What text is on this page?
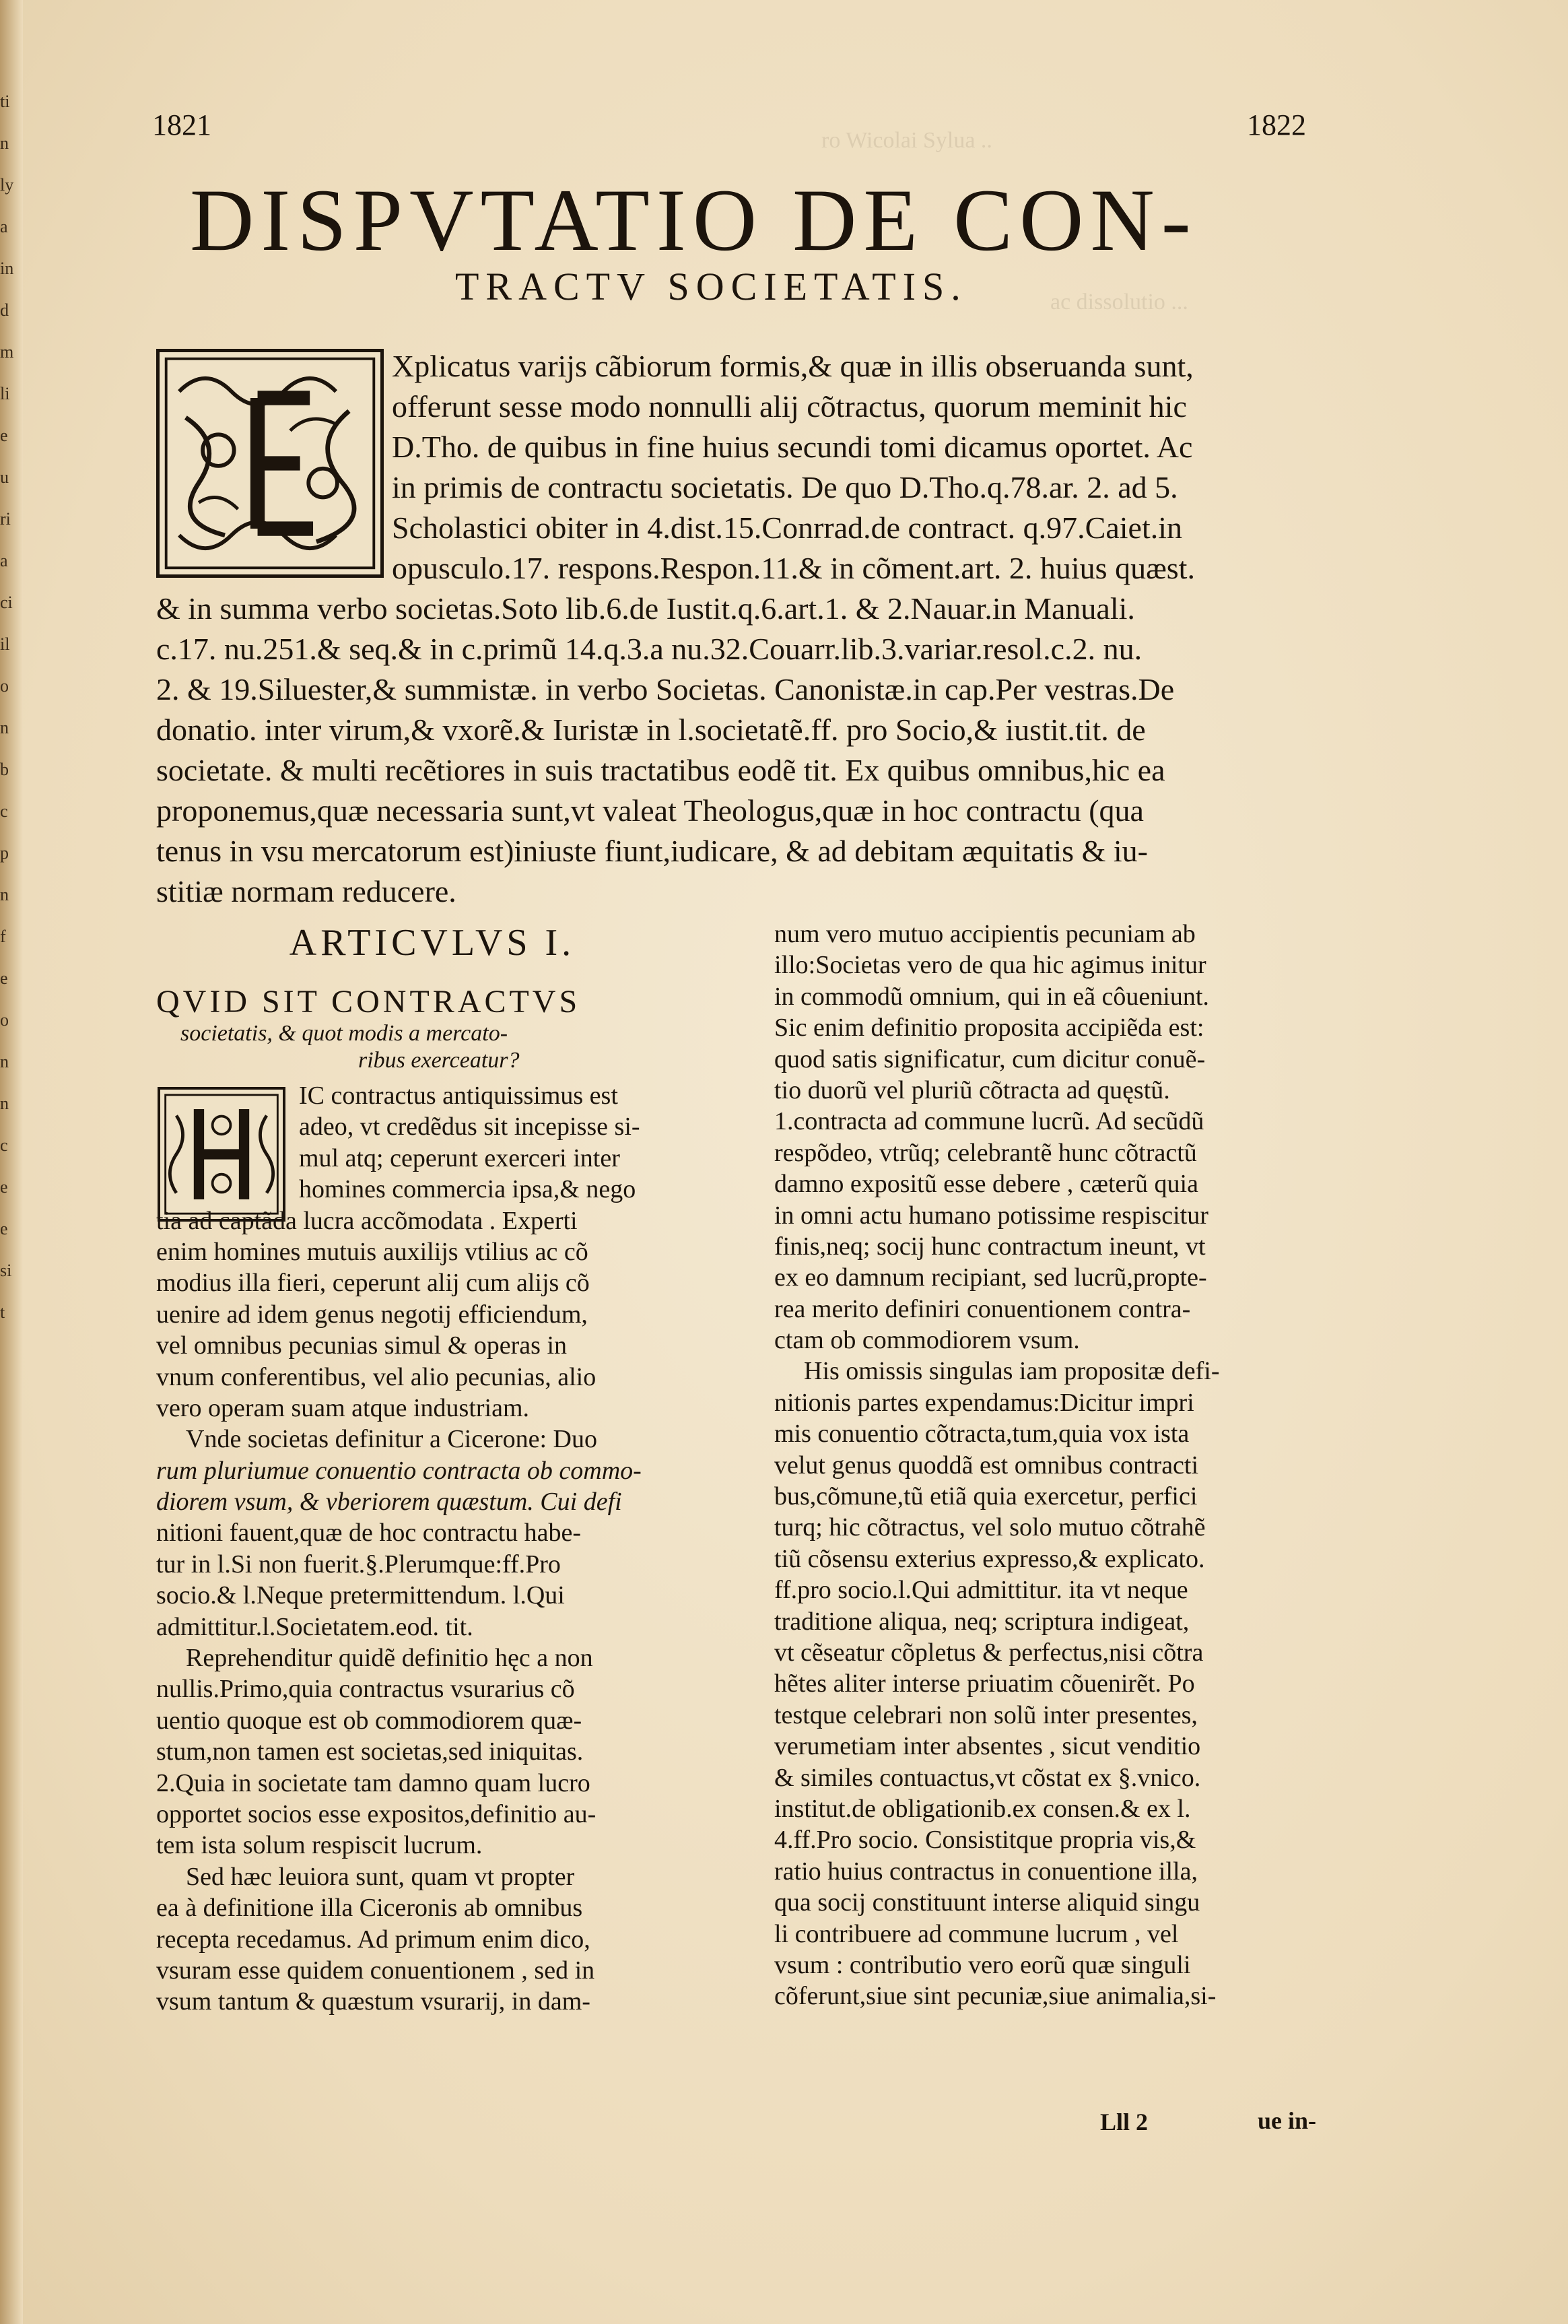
ti
n
ly
a
in
d
m
li
e
u
ri
a
ci
il
o
n
b
c
p
n
f
e
o
n
n
c
e
e
si
t
ro Wicolai Sylua ..
ac dissolutio ...
1821	1822
DISPVTATIO DE CON-
TRACTV SOCIETATIS.
Xplicatus varijs cãbiorum formis,& quæ in illis obseruanda sunt,
offerunt sesse modo nonnulli alij cõtractus, quorum meminit hic
D.Tho. de quibus in fine huius secundi tomi dicamus oportet. Ac
in primis de contractu societatis. De quo D.Tho.q.78.ar. 2. ad 5.
Scholastici obiter in 4.dist.15.Conrrad.de contract. q.97.Caiet.in
opusculo.17. respons.Respon.11.& in cõment.art. 2. huius quæst.
& in summa verbo societas.Soto lib.6.de Iustit.q.6.art.1. & 2.Nauar.in Manuali.
c.17. nu.251.& seq.& in c.primũ 14.q.3.a nu.32.Couarr.lib.3.variar.resol.c.2. nu.
2. & 19.Siluester,& summistæ. in verbo Societas. Canonistæ.in cap.Per vestras.De
donatio. inter virum,& vxorẽ.& Iuristæ in l.societatẽ.ff. pro Socio,& iustit.tit. de
societate. & multi recẽtiores in suis tractatibus eodẽ tit. Ex quibus omnibus,hic ea
proponemus,quæ necessaria sunt,vt valeat Theologus,quæ in hoc contractu (qua
tenus in vsu mercatorum est)iniuste fiunt,iudicare, & ad debitam æquitatis & iu-
stitiæ normam reducere.
ARTICVLVS I.
QVID SIT CONTRACTVS
societatis, & quot modis a mercato-
ribus exerceatur?
IC contractus antiquissimus est
adeo, vt credẽdus sit incepisse si-
mul atq; ceperunt exerceri inter
homines commercia ipsa,& nego
tia ad captãda lucra accõmodata . Experti
enim homines mutuis auxilijs vtilius ac cõ
modius illa fieri, ceperunt alij cum alijs cõ
uenire ad idem genus negotij efficiendum,
vel omnibus pecunias simul & operas in
vnum conferentibus, vel alio pecunias, alio
vero operam suam atque industriam.
Vnde societas definitur a Cicerone: Duo
rum pluriumue conuentio contracta ob commo-
diorem vsum, & vberiorem quæstum. Cui defi
nitioni fauent,quæ de hoc contractu habe-
tur in l.Si non fuerit.§.Plerumque:ff.Pro
socio.& l.Neque pretermittendum. l.Qui
admittitur.l.Societatem.eod. tit.
Reprehenditur quidẽ definitio hęc a non
nullis.Primo,quia contractus vsurarius cõ
uentio quoque est ob commodiorem quæ-
stum,non tamen est societas,sed iniquitas.
2.Quia in societate tam damno quam lucro
opportet socios esse expositos,definitio au-
tem ista solum respiscit lucrum.
Sed hæc leuiora sunt, quam vt propter
ea à definitione illa Ciceronis ab omnibus
recepta recedamus. Ad primum enim dico,
vsuram esse quidem conuentionem , sed in
vsum tantum & quæstum vsurarij, in dam-
num vero mutuo accipientis pecuniam ab
illo:Societas vero de qua hic agimus initur
in commodũ omnium, qui in eã côueniunt.
Sic enim definitio proposita accipiẽda est:
quod satis significatur, cum dicitur conuẽ-
tio duorũ vel pluriũ cõtracta ad quęstũ.
1.contracta ad commune lucrũ. Ad secũdũ
respõdeo, vtrũq; celebrantẽ hunc cõtractũ
damno expositũ esse debere , cæterũ quia
in omni actu humano potissime respiscitur
finis,neq; socij hunc contractum ineunt, vt
ex eo damnum recipiant, sed lucrũ,propte-
rea merito definiri conuentionem contra-
ctam ob commodiorem vsum.
His omissis singulas iam propositæ defi-
nitionis partes expendamus:Dicitur impri
mis conuentio cõtracta,tum,quia vox ista
velut genus quoddã est omnibus contracti
bus,cõmune,tũ etiã quia exercetur, perfici
turq; hic cõtractus, vel solo mutuo cõtrahẽ
tiũ cõsensu exterius expresso,& explicato.
ff.pro socio.l.Qui admittitur. ita vt neque
traditione aliqua, neq; scriptura indigeat,
vt cẽseatur cõpletus & perfectus,nisi cõtra
hẽtes aliter interse priuatim cõuenirẽt. Po
testque celebrari non solũ inter presentes,
verumetiam inter absentes , sicut venditio
& similes contuactus,vt cõstat ex §.vnico.
institut.de obligationib.ex consen.& ex l.
4.ff.Pro socio. Consistitque propria vis,&
ratio huius contractus in conuentione illa,
qua socij constituunt interse aliquid singu
li contribuere ad commune lucrum , vel
vsum : contributio vero eorũ quæ singuli
cõferunt,siue sint pecuniæ,siue animalia,si-
Lll 2	ue in-
